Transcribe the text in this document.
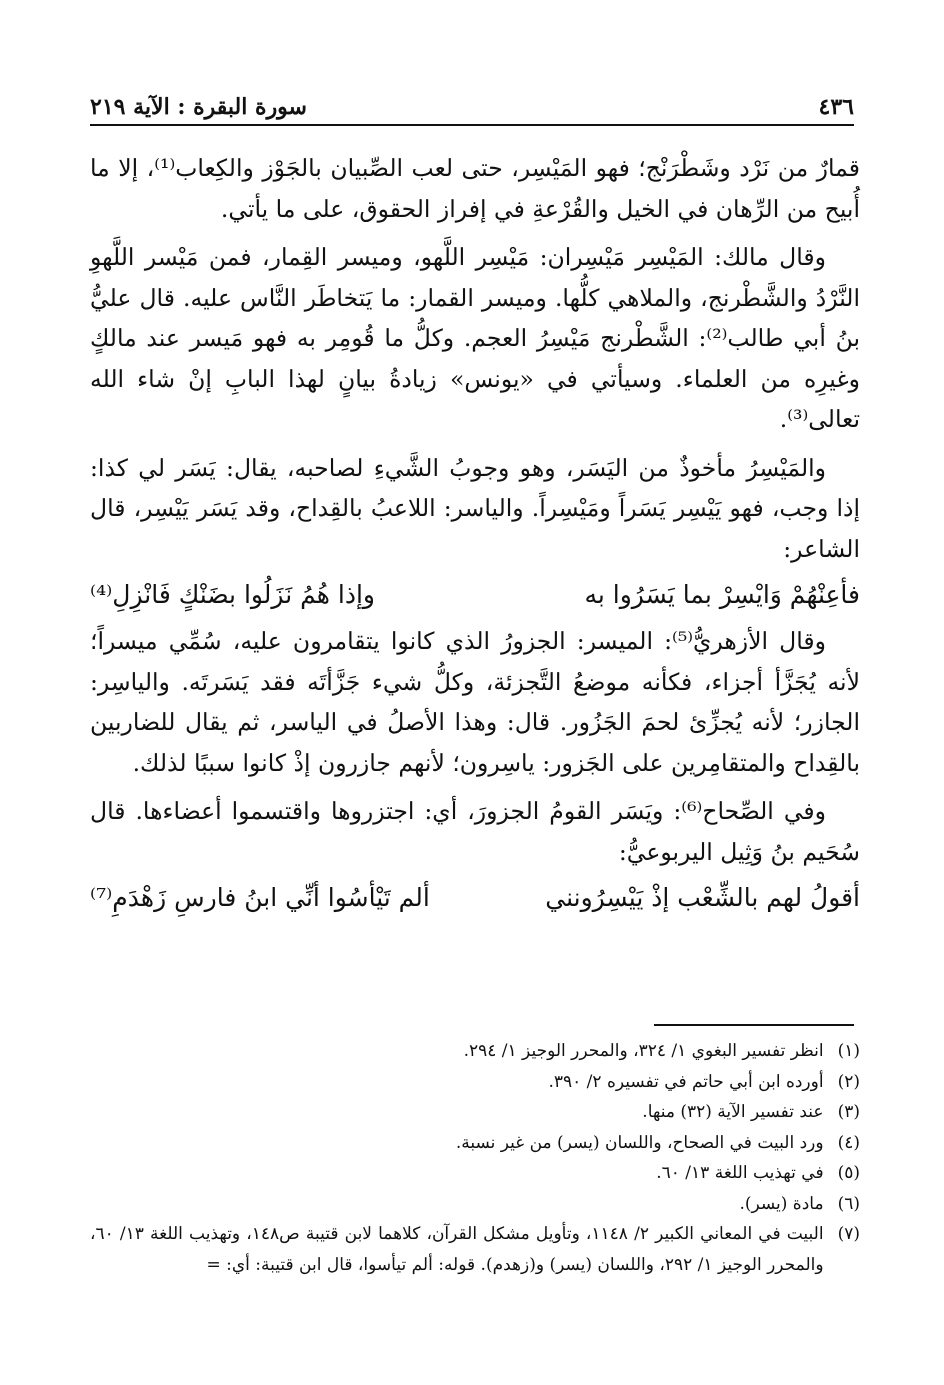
٤٣٦
سورة البقرة : الآية ٢١٩

قمارٌ من نَرْد وشَطْرَنْج؛ فهو المَيْسِر، حتى لعب الصِّبيان بالجَوْز والكِعاب⁽¹⁾، إلا ما أُبيح من الرِّهان في الخيل والقُرْعةِ في إفراز الحقوق، على ما يأتي.

وقال مالك: المَيْسِر مَيْسِران: مَيْسِر اللَّهو، وميسر القِمار، فمن مَيْسر اللَّهوِ النَّرْدُ والشَّطْرنج، والملاهي كلُّها. وميسر القمار: ما يَتخاطَر النَّاس عليه. قال عليُّ بنُ أبي طالب⁽²⁾: الشَّطْرنج مَيْسِرُ العجم. وكلُّ ما قُومِر به فهو مَيسر عند مالكٍ وغيرِه من العلماء. وسيأتي في «يونس» زيادةُ بيانٍ لهذا البابِ إنْ شاء الله تعالى⁽³⁾.

والمَيْسِرُ مأخوذٌ من اليَسَر، وهو وجوبُ الشَّيءِ لصاحبه، يقال: يَسَر لي كذا: إذا وجب، فهو يَيْسِر يَسَراً ومَيْسِراً. والياسر: اللاعبُ بالقِداح، وقد يَسَر يَيْسِر، قال الشاعر:

فأعِنْهُمْ وَايْسِرْ بما يَسَرُوا به
وإذا هُمُ نَزَلُوا بضَنْكٍ فَانْزِلِ⁽⁴⁾

وقال الأزهريُّ⁽⁵⁾: الميسر: الجزورُ الذي كانوا يتقامرون عليه، سُمِّي ميسراً؛ لأنه يُجَزَّأ أجزاء، فكأنه موضعُ التَّجزئة، وكلُّ شيء جَزَّأتَه فقد يَسَرتَه. والياسِر: الجازر؛ لأنه يُجزِّئ لحمَ الجَزُور. قال: وهذا الأصلُ في الياسر، ثم يقال للضاربين بالقِداح والمتقامِرين على الجَزور: ياسِرون؛ لأنهم جازرون إذْ كانوا سببًا لذلك.

وفي الصِّحاح⁽⁶⁾: ويَسَر القومُ الجزورَ، أي: اجتزروها واقتسموا أعضاءها. قال سُحَيم بنُ وَثِيل اليربوعيُّ:

أقولُ لهم بالشِّعْب إذْ يَيْسِرُونني
ألم تَيْأسُوا أنِّي ابنُ فارسِ زَهْدَمِ⁽⁷⁾
(١)
انظر تفسير البغوي ١/ ٣٢٤، والمحرر الوجيز ١/ ٢٩٤.
(٢)
أورده ابن أبي حاتم في تفسيره ٢/ ٣٩٠.
(٣)
عند تفسير الآية (٣٢) منها.
(٤)
ورد البيت في الصحاح، واللسان (يسر) من غير نسبة.
(٥)
في تهذيب اللغة ١٣/ ٦٠.
(٦)
مادة (يسر).
(٧)
البيت في المعاني الكبير ٢/ ١١٤٨، وتأويل مشكل القرآن، كلاهما لابن قتيبة ص١٤٨، وتهذيب اللغة ١٣/ ٦٠، والمحرر الوجيز ١/ ٢٩٢، واللسان (يسر) و(زهدم). قوله: ألم تيأسوا، قال ابن قتيبة: أي: =
